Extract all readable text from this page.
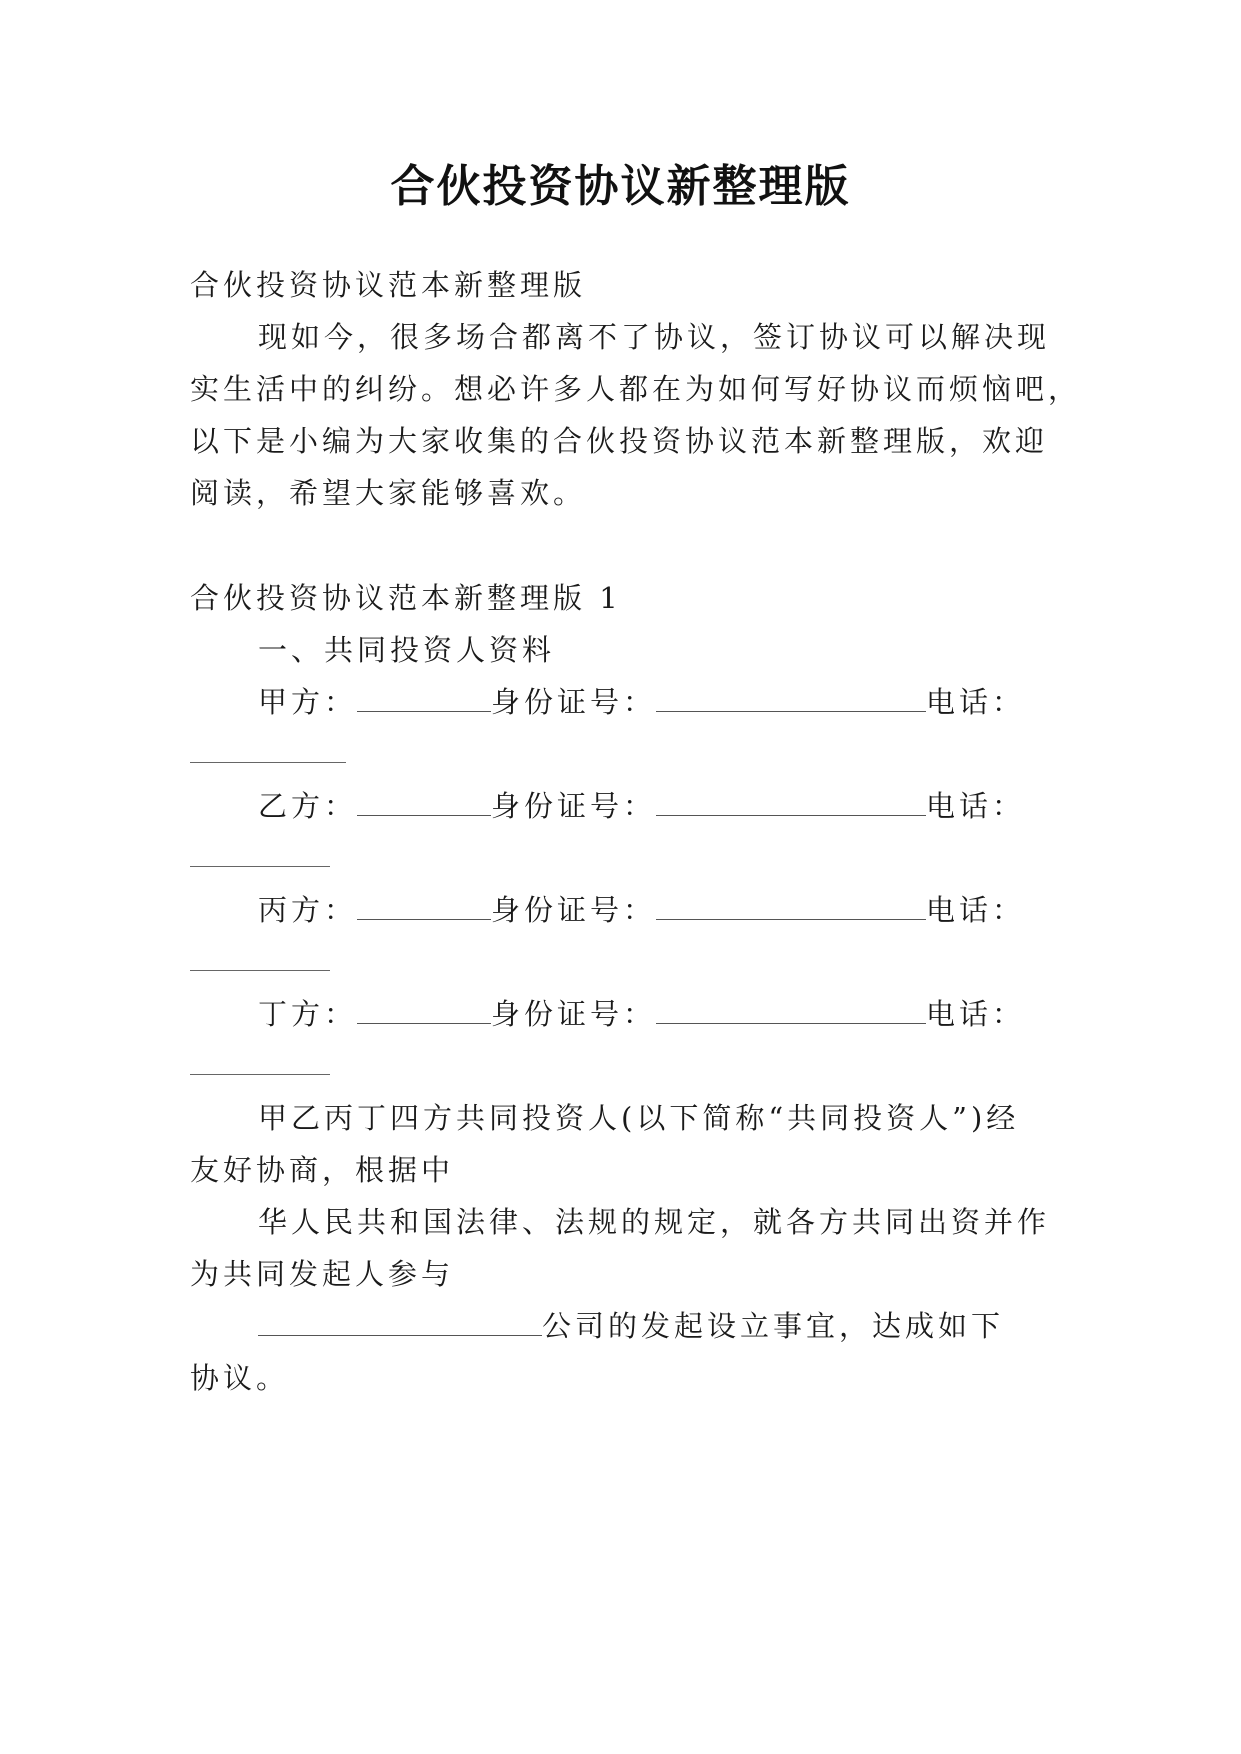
合伙投资协议新整理版
合伙投资协议范本新整理版
现如今，很多场合都离不了协议，签订协议可以解决现
实生活中的纠纷。想必许多人都在为如何写好协议而烦恼吧，
以下是小编为大家收集的合伙投资协议范本新整理版，欢迎
阅读，希望大家能够喜欢。
合伙投资协议范本新整理版 1
一、共同投资人资料
甲方：	身份证号：	电话：
乙方：	身份证号：	电话：
丙方：	身份证号：	电话：
丁方：	身份证号：	电话：
甲乙丙丁四方共同投资人(以下简称“共同投资人”)经
友好协商，根据中
华人民共和国法律、法规的规定，就各方共同出资并作
为共同发起人参与
公司的发起设立事宜，达成如下
协议。
